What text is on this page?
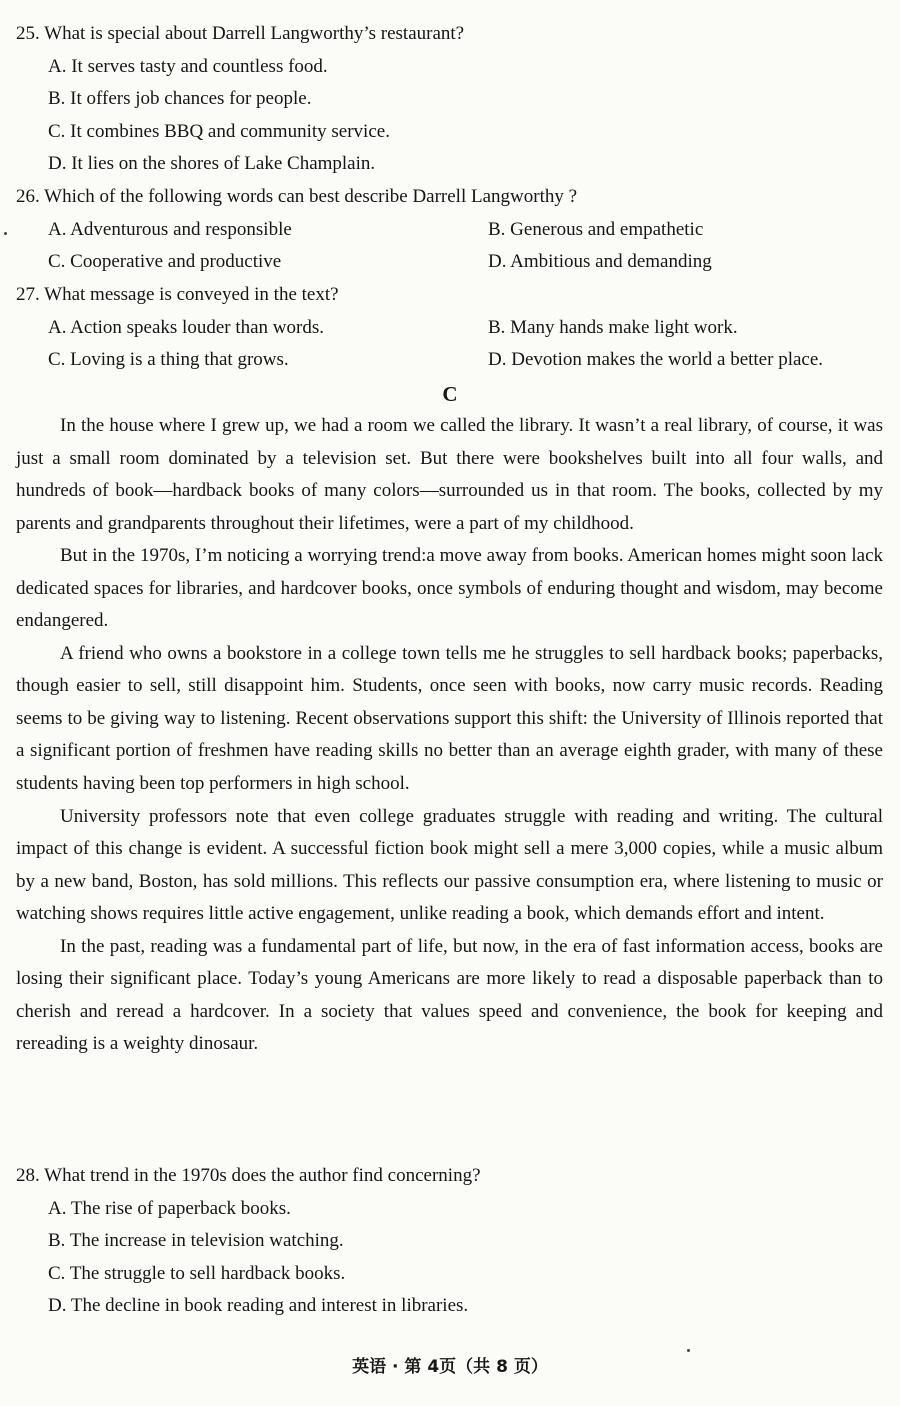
25. What is special about Darrell Langworthy’s restaurant?
A. It serves tasty and countless food.
B. It offers job chances for people.
C. It combines BBQ and community service.
D. It lies on the shores of Lake Champlain.
26. Which of the following words can best describe Darrell Langworthy ?
A. Adventurous and responsible	B. Generous and empathetic
C. Cooperative and productive	D. Ambitious and demanding
27. What message is conveyed in the text?
A. Action speaks louder than words.	B. Many hands make light work.
C. Loving is a thing that grows.	D. Devotion makes the world a better place.
C

In the house where I grew up, we had a room we called the library. It wasn’t a real library, of course, it was just a small room dominated by a television set. But there were bookshelves built into all four walls, and hundreds of book—hardback books of many colors—surrounded us in that room. The books, collected by my parents and grandparents throughout their lifetimes, were a part of my childhood.

But in the 1970s, I’m noticing a worrying trend:a move away from books. American homes might soon lack dedicated spaces for libraries, and hardcover books, once symbols of enduring thought and wisdom, may become endangered.

A friend who owns a bookstore in a college town tells me he struggles to sell hardback books; paperbacks, though easier to sell, still disappoint him. Students, once seen with books, now carry music records. Reading seems to be giving way to listening. Recent observations support this shift: the University of Illinois reported that a significant portion of freshmen have reading skills no better than an average eighth grader, with many of these students having been top performers in high school.

University professors note that even college graduates struggle with reading and writing. The cultural impact of this change is evident. A successful fiction book might sell a mere 3,000 copies, while a music album by a new band, Boston, has sold millions. This reflects our passive consumption era, where listening to music or watching shows requires little active engagement, unlike reading a book, which demands effort and intent.

In the past, reading was a fundamental part of life, but now, in the era of fast information access, books are losing their significant place. Today’s young Americans are more likely to read a disposable paperback than to cherish and reread a hardcover. In a society that values speed and convenience, the book for keeping and rereading is a weighty dinosaur.

28. What trend in the 1970s does the author find concerning?
A. The rise of paperback books.
B. The increase in television watching.
C. The struggle to sell hardback books.
D. The decline in book reading and interest in libraries.
英语 · 第 4页（共 8 页）
